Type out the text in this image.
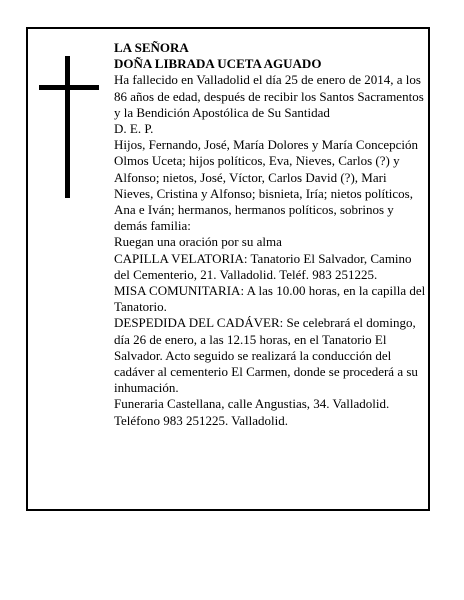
LA SEÑORA

DOÑA LIBRADA UCETA AGUADO

Ha fallecido en Valladolid el día 25 de enero de 2014, a los 86 años de edad, después de recibir los Santos Sacramentos y la Bendición Apostólica de Su Santidad

D. E. P.

Hijos, Fernando, José, María Dolores y María Concepción Olmos Uceta; hijos políticos, Eva, Nieves, Carlos (?) y Alfonso; nietos, José, Víctor, Carlos David (?), Mari Nieves, Cristina y Alfonso; bisnieta, Iría; nietos políticos, Ana e Iván; hermanos, hermanos políticos, sobrinos y demás familia:

Ruegan una oración por su alma

CAPILLA VELATORIA: Tanatorio El Salvador, Camino del Cementerio, 21. Valladolid. Teléf. 983 251225.

MISA COMUNITARIA: A las 10.00 horas, en la capilla del Tanatorio.

DESPEDIDA DEL CADÁVER: Se celebrará el domingo, día 26 de enero, a las 12.15 horas, en el Tanatorio El Salvador. Acto seguido se realizará la conducción del cadáver al cementerio El Carmen, donde se procederá a su inhumación.

Funeraria Castellana, calle Angustias, 34. Valladolid. Teléfono 983 251225. Valladolid.
